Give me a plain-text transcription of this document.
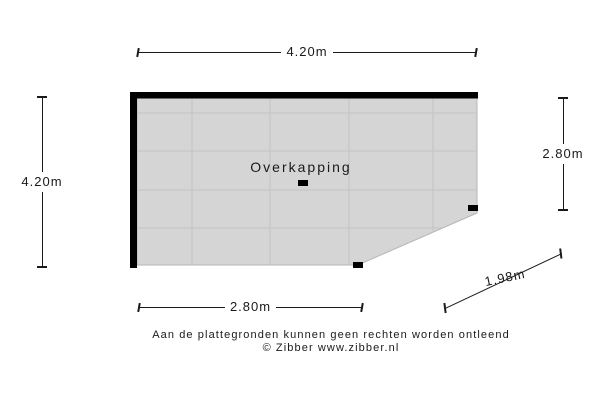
Overkapping
4.20m
2.80m
4.20m
2.80m
1.98m
Aan de plattegronden kunnen geen rechten worden ontleend
© Zibber www.zibber.nl
